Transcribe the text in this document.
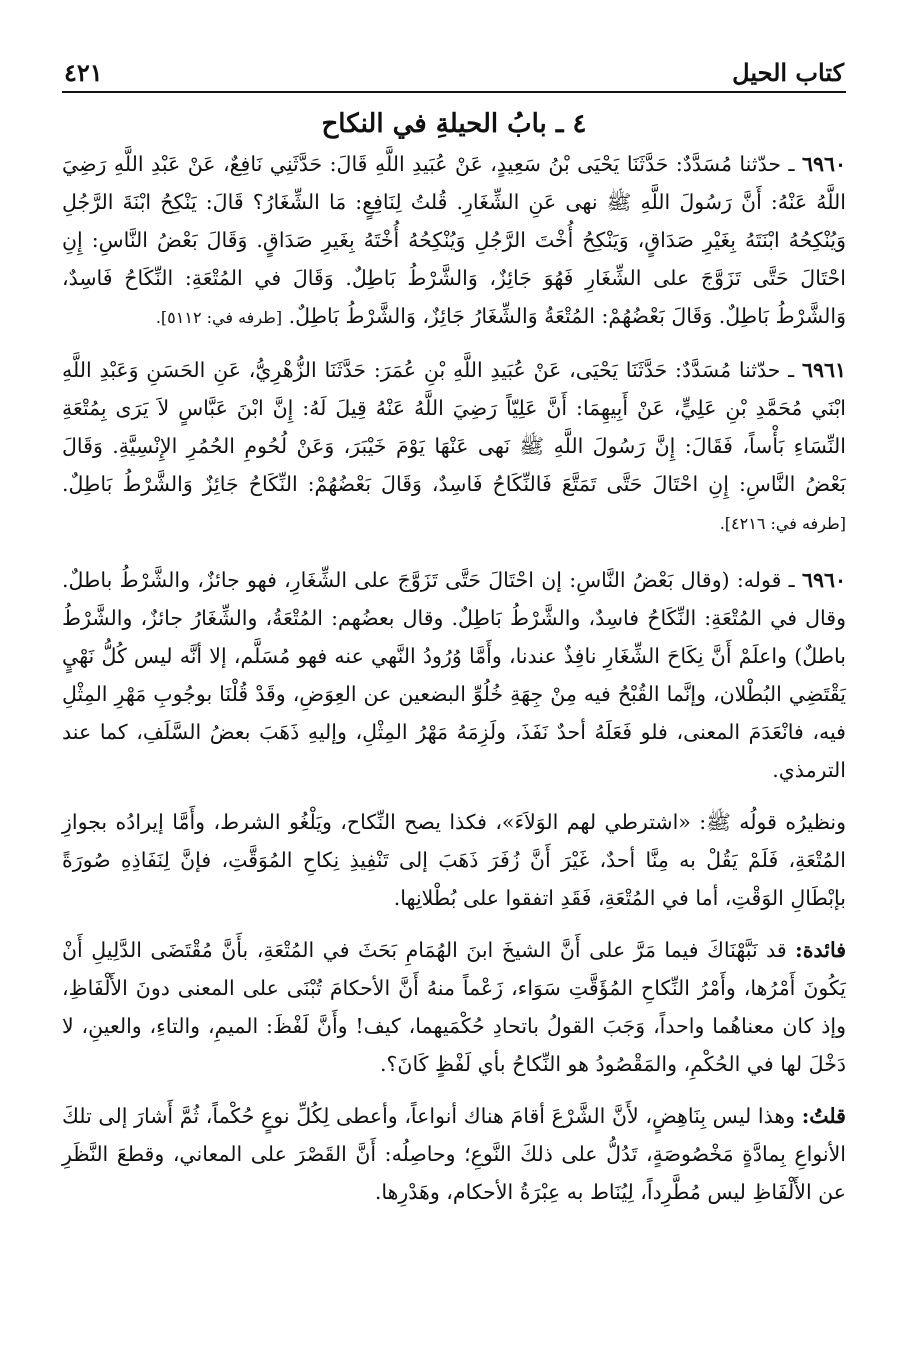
كتاب الحيل
٤٢١
٤ ـ بابُ الحيلةِ في النكاح

٦٩٦٠ ـ حدّثنا مُسَدَّدٌ: حَدَّثَنَا يَحْيَى بْنُ سَعِيدٍ، عَنْ عُبَيدِ اللَّهِ قَالَ: حَدَّثَنِي نَافِعٌ، عَنْ عَبْدِ اللَّهِ رَضِيَ اللَّهُ عَنْهُ: أَنَّ رَسُولَ اللَّهِ ﷺ نهى عَنِ الشِّغَارِ. قُلتُ لِنَافِعٍ: مَا الشِّغَارُ؟ قَالَ: يَنْكِحُ ابْنَةَ الرَّجُلِ وَيُنْكِحُهُ ابْنَتَهُ بِغَيْرِ صَدَاقٍ، وَيَنْكِحُ أُخْتَ الرَّجُلِ وَيُنْكِحُهُ أُخْتَهُ بِغَيرِ صَدَاقٍ. وَقَالَ بَعْضُ النَّاسِ: إِنِ احْتَالَ حَتَّى تَزَوَّجَ على الشِّغَارِ فَهُوَ جَائِزٌ، وَالشَّرْطُ بَاطِلٌ. وَقَالَ في المُتْعَةِ: النِّكَاحُ فَاسِدٌ، وَالشَّرْطُ بَاطِلٌ. وَقَالَ بَعْضُهُمْ: المُتْعَةُ وَالشِّغَارُ جَائِزٌ، وَالشَّرْطُ بَاطِلٌ. [طرفه في: ٥١١٢].

٦٩٦١ ـ حدّثنا مُسَدَّدٌ: حَدَّثَنَا يَحْيَى، عَنْ عُبَيدِ اللَّهِ بْنِ عُمَرَ: حَدَّثَنَا الزُّهْرِيُّ، عَنِ الحَسَنِ وَعَبْدِ اللَّهِ ابْنَي مُحَمَّدِ بْنِ عَلِيٍّ، عَنْ أَبِيهِمَا: أَنَّ عَلِيّاً رَضِيَ اللَّهُ عَنْهُ قِيلَ لَهُ: إِنَّ ابْنَ عَبَّاسٍ لاَ يَرَى بِمُتْعَةِ النِّسَاءِ بَأْساً، فَقَالَ: إِنَّ رَسُولَ اللَّهِ ﷺ نَهى عَنْهَا يَوْمَ خَيْبَرَ، وَعَنْ لُحُومِ الحُمُرِ الإِنْسِيَّةِ. وَقَالَ بَعْضُ النَّاسِ: إِنِ احْتَالَ حَتَّى تَمَتَّعَ فَالنِّكَاحُ فَاسِدٌ، وَقَالَ بَعْضُهُمْ: النِّكَاحُ جَائِزٌ وَالشَّرْطُ بَاطِلٌ. [طرفه في: ٤٢١٦].

٦٩٦٠ ـ قوله: (وقال بَعْضُ النَّاسِ: إن احْتَالَ حَتَّى تَزَوَّجَ على الشِّغَارِ، فهو جائزٌ، والشَّرْطُ باطلٌ. وقال في المُتْعَةِ: النِّكَاحُ فاسِدٌ، والشَّرْطُ بَاطِلٌ. وقال بعضُهم: المُتْعَةُ، والشِّغَارُ جائزٌ، والشَّرْطُ باطلٌ) واعلَمْ أَنَّ نِكَاحَ الشِّغَارِ نافِذٌ عندنا، وأَمَّا وُرُودُ النَّهي عنه فهو مُسَلَّم، إلا أنَّه ليس كُلُّ نَهْيٍ يَقْتَضِي البُطْلان، وإنَّما القُبْحُ فيه مِنْ جِهَةِ خُلُوِّ البضعين عن العِوَضِ، وقَدْ قُلْنَا بوجُوبِ مَهْرِ المِثْلِ فيه، فانْعَدَمَ المعنى، فلو فَعَلَهُ أحدٌ نَفَذَ، ولَزِمَهُ مَهْرُ المِثْلِ، وإليهِ ذَهَبَ بعضُ السَّلَفِ، كما عند الترمذي.

ونظيرُه قولُه ﷺ: «اشترطي لهم الوَلاَءَ»، فكذا يصح النِّكاح، ويَلْغُو الشرط، وأَمَّا إيرادُه بجوازِ المُتْعَةِ، فَلَمْ يَقُلْ به مِنَّا أحدٌ، غَيْرَ أَنَّ زُفَرَ ذَهَبَ إلى تَنْفِيذِ نِكاحِ المُوَقَّتِ، فإنَّ لِنَفَاذِهِ صُورَةً بإبْطَالِ الوَقْتِ، أما في المُتْعَةِ، فَقَدِ اتفقوا على بُطْلانِها.

فائدة: قد نَبَّهْنَاكَ فيما مَرَّ على أَنَّ الشيخَ ابنَ الهُمَامِ بَحَثَ في المُتْعَةِ، بأَنَّ مُقْتَضَى الدَّلِيلِ أَنْ يَكُونَ أَمْرُها، وأَمْرُ النِّكاحِ المُؤَقَّتِ سَوَاء، زَعْماً منهُ أَنَّ الأحكامَ تُبْنَى على المعنى دونَ الأَلْفَاظِ، وإذ كان معناهُما واحداً، وَجَبَ القولُ باتحادِ حُكْمَيهما، كيف! وأَنَّ لَفْظَ: الميمِ، والتاءِ، والعينِ، لا دَخْلَ لها في الحُكْمِ، والمَقْصُودُ هو النِّكاحُ بأي لَفْظٍ كَانَ؟.

قلتُ: وهذا ليس بِنَاهِضٍ، لأَنَّ الشَّرْعَ أقامَ هناك أنواعاً، وأعطى لِكُلِّ نوعٍ حُكْماً، ثُمَّ أَشارَ إلى تلكَ الأنواعِ بِمادَّةٍ مَخْصُوصَةٍ، تَدُلُّ على ذلكَ النَّوعِ؛ وحاصِلُه: أَنَّ القَصْرَ على المعاني، وقطعَ النَّظَرِ عن الأَلْفَاظِ ليس مُطَّرِداً، لِيُنَاط به عِبْرَةُ الأحكام، وهَدْرِها.
